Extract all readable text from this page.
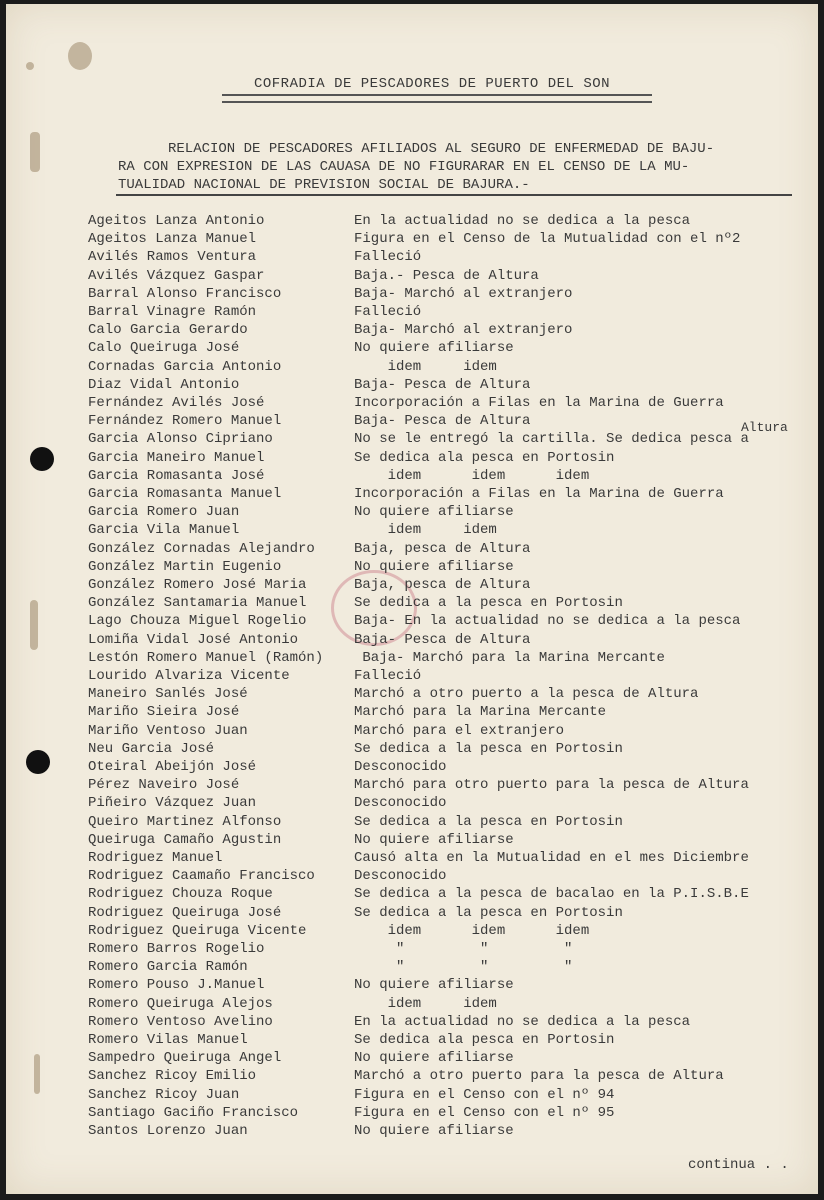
COFRADIA DE PESCADORES DE PUERTO DEL SON
RELACION DE PESCADORES AFILIADOS AL SEGURO DE ENFERMEDAD DE BAJU-
RA CON EXPRESION DE LAS CAUASA DE NO FIGURARAR EN EL CENSO DE LA MU-
TUALIDAD NACIONAL DE PREVISION SOCIAL DE BAJURA.-
Ageitos Lanza Antonio	En la actualidad no se dedica a la pesca
Ageitos Lanza Manuel	Figura en el Censo de la Mutualidad con el nº2
Avilés Ramos Ventura	Falleció
Avilés Vázquez Gaspar	Baja.- Pesca de Altura
Barral Alonso Francisco	Baja- Marchó al extranjero
Barral Vinagre Ramón	Falleció
Calo Garcia Gerardo	Baja- Marchó al extranjero
Calo Queiruga José	No quiere afiliarse
Cornadas Garcia Antonio	idem     idem
Diaz Vidal Antonio	Baja- Pesca de Altura
Fernández Avilés José	Incorporación a Filas en la Marina de Guerra
Fernández Romero Manuel	Baja- Pesca de Altura
Garcia Alonso Cipriano	No se le entregó la cartilla. Se dedica pesca a
Altura
Garcia Maneiro Manuel	Se dedica ala pesca en Portosin
Garcia Romasanta José	idem      idem      idem
Garcia Romasanta Manuel	Incorporación a Filas en la Marina de Guerra
Garcia Romero Juan	No quiere afiliarse
Garcia Vila Manuel	idem     idem
González Cornadas Alejandro	Baja, pesca de Altura
González Martin Eugenio	No quiere afiliarse
González Romero José Maria	Baja, pesca de Altura
González Santamaria Manuel	Se dedica a la pesca en Portosin
Lago Chouza Miguel Rogelio	Baja- En la actualidad no se dedica a la pesca
Lomiña Vidal José Antonio	Baja- Pesca de Altura
Lestón Romero Manuel (Ramón) Baja- Marchó para la Marina Mercante
Lourido Alvariza Vicente	Falleció
Maneiro Sanlés José	Marchó a otro puerto a la pesca de Altura
Mariño Sieira José	Marchó para la Marina Mercante
Mariño Ventoso Juan	Marchó para el extranjero
Neu Garcia José	Se dedica a la pesca en Portosin
Oteiral Abeijón José	Desconocido
Pérez Naveiro José	Marchó para otro puerto para la pesca de Altura
Piñeiro Vázquez Juan	Desconocido
Queiro Martinez Alfonso	Se dedica a la pesca en Portosin
Queiruga Camaño Agustin	No quiere afiliarse
Rodriguez Manuel	Causó alta en la Mutualidad en el mes Diciembre
Rodriguez Caamaño Francisco	Desconocido
Rodriguez Chouza Roque	Se dedica a la pesca de bacalao en la P.I.S.B.E
Rodriguez Queiruga José	Se dedica a la pesca en Portosin
Rodriguez Queiruga Vicente	idem      idem      idem
Romero Barros Rogelio	"         "         "
Romero Garcia Ramón	"         "         "
Romero Pouso J.Manuel	No quiere afiliarse
Romero Queiruga Alejos	idem     idem
Romero Ventoso Avelino	En la actualidad no se dedica a la pesca
Romero Vilas Manuel	Se dedica ala pesca en Portosin
Sampedro Queiruga Angel	No quiere afiliarse
Sanchez Ricoy Emilio	Marchó a otro puerto para la pesca de Altura
Sanchez Ricoy Juan	Figura en el Censo con el nº 94
Santiago Gaciño Francisco	Figura en el Censo con el nº 95
Santos Lorenzo Juan	No quiere afiliarse
continua . .
